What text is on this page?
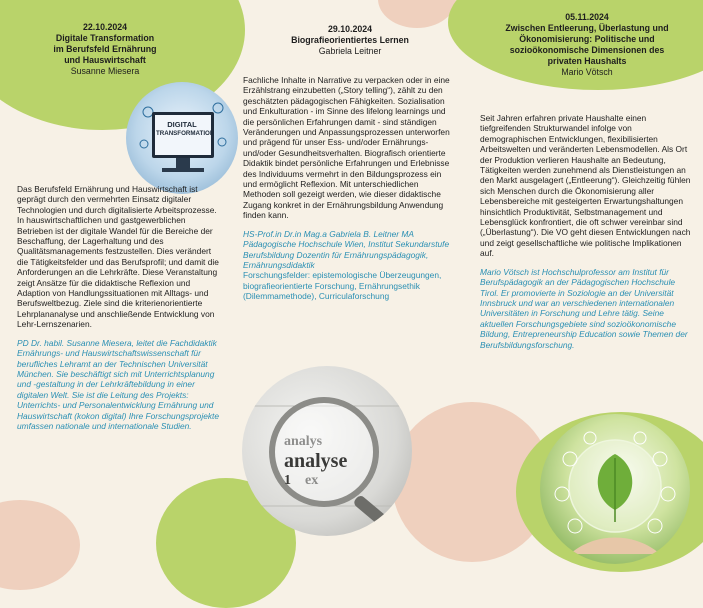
22.10.2024
Digitale Transformation
im Berufsfeld Ernährung
und Hauswirtschaft
Susanne Miesera
DIGITAL
TRANSFORMATION

Das Berufsfeld Ernährung und Hauswirtschaft ist geprägt durch den vermehrten Einsatz digitaler Technologien und durch digitalisierte Arbeitsprozesse. In hauswirtschaftlichen und gastgewerblichen Betrieben ist der digitale Wandel für die Bereiche der Beschaffung, der Lagerhaltung und des Qualitätsmanagements festzustellen. Dies verändert die Tätigkeitsfelder und das Berufsprofil; und damit die Anforderungen an die Lehrkräfte. Diese Veranstaltung zeigt Ansätze für die didaktische Reflexion und Adaption von Handlungssituationen mit Alltags- und Berufsweltbezug. Ziele sind die kriterienorientierte Lehrplananalyse und anschließende Entwicklung von Lehr-Lernszenarien.

PD Dr. habil. Susanne Miesera, leitet die Fachdidaktik Ernährungs- und Hauswirtschaftswissenschaft für berufliches Lehramt an der Technischen Universität München. Sie beschäftigt sich mit Unterrichtsplanung und -gestaltung in der Lehrkräftebildung in einer digitalen Welt. Sie ist die Leitung des Projekts: Unterrichts- und Personalentwicklung Ernährung und Hauswirtschaft (kokon digital) Ihre Forschungsprojekte umfassen nationale und internationale Studien.

29.10.2024
Biografieorientiertes Lernen
Gabriela Leitner

Fachliche Inhalte in Narrative zu verpacken oder in eine Erzählstrang einzubetten („Story telling“), zählt zu den geschätzten pädagogischen Fähigkeiten. Sozialisation und Enkulturation - im Sinne des lifelong learnings und die persönlichen Erfahrungen damit - sind ständigen Veränderungen und Anpassungsprozessen unterworfen und prägend für unser Ess- und/oder Ernährungs- und/oder Gesundheitsverhalten. Biografisch orientierte Didaktik bindet persönliche Erfahrungen und Erlebnisse des Individuums vermehrt in den Bildungsprozess ein und ermöglicht Reflexion. Mit unterschiedlichen Methoden soll gezeigt werden, wie dieser didaktische Zugang konkret in der Ernährungsbildung Anwendung finden kann.

HS-Prof.in Dr.in Mag.a Gabriela B. Leitner MA Pädagogische Hochschule Wien, Institut Sekundarstufe Berufsbildung Dozentin für Ernährungspädagogik, Ernährungsdidaktik

Forschungsfelder: epistemologische Überzeugungen, biografieorientierte Forschung, Ernährungsethik (Dilemmamethode), Curriculaforschung

analys
analyse
1 ex
05.11.2024
Zwischen Entleerung, Überlastung und
Ökonomisierung: Politische und
sozioökonomische Dimensionen des
privaten Haushalts
Mario Vötsch

Seit Jahren erfahren private Haushalte einen tiefgreifenden Strukturwandel infolge von demographischen Entwicklungen, flexibilisierten Arbeitswelten und veränderten Lebensmodellen. Als Ort der Produktion verlieren Haushalte an Bedeutung, Tätigkeiten werden zunehmend als Dienstleistungen an den Markt ausgelagert („Entleerung“). Gleichzeitig fühlen sich Menschen durch die Ökonomisierung aller Lebensbereiche mit gesteigerten Erwartungshaltungen hinsichtlich Produktivität, Selbstmanagement und Lebensglück konfrontiert, die oft schwer vereinbar sind („Überlastung“). Die VO geht diesen Entwicklungen nach und zeigt gesellschaftliche wie politische Implikationen auf.

Mario Vötsch ist Hochschulprofessor am Institut für Berufspädagogik an der Pädagogischen Hochschule Tirol. Er promovierte in Soziologie an der Universität Innsbruck und war an verschiedenen internationalen Universitäten in Forschung und Lehre tätig. Seine aktuellen Forschungsgebiete sind sozioökonomische Bildung, Entrepreneurship Education sowie Themen der Berufsbildungsforschung.
